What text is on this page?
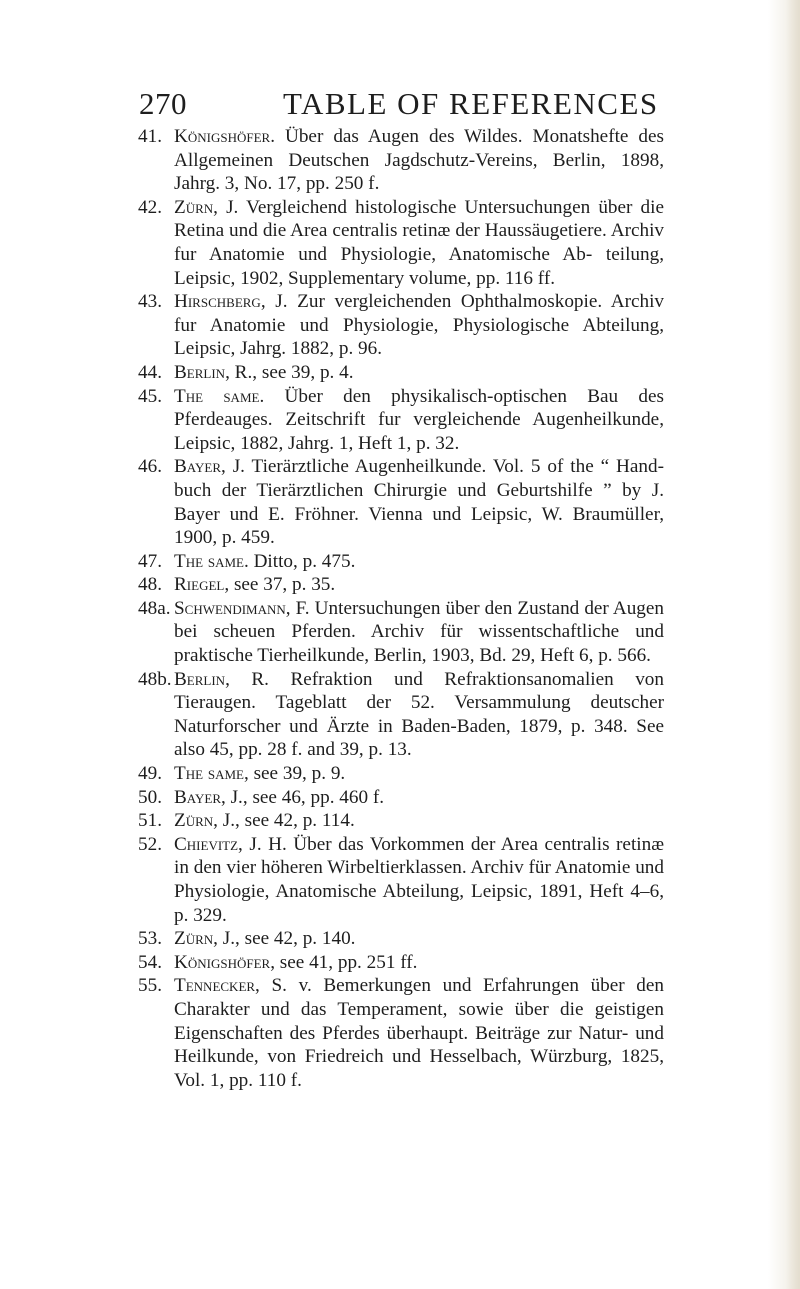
270	TABLE OF REFERENCES
41. Königshöfer. Über das Augen des Wildes. Monatshefte des Allgemeinen Deutschen Jagdschutz-Vereins, Berlin, 1898, Jahrg. 3, No. 17, pp. 250 f.
42. Zürn, J. Vergleichend histologische Untersuchungen über die Retina und die Area centralis retinæ der Haussäugetiere. Archiv fur Anatomie und Physiologie, Anatomische Ab- teilung, Leipsic, 1902, Supplementary volume, pp. 116 ff.
43. Hirschberg, J. Zur vergleichenden Ophthalmoskopie. Archiv fur Anatomie und Physiologie, Physiologische Abteilung, Leipsic, Jahrg. 1882, p. 96.
44. Berlin, R., see 39, p. 4.
45. The same. Über den physikalisch-optischen Bau des Pferdeauges. Zeitschrift fur vergleichende Augenheilkunde, Leipsic, 1882, Jahrg. 1, Heft 1, p. 32.
46. Bayer, J. Tierärztliche Augenheilkunde. Vol. 5 of the “ Hand- buch der Tierärztlichen Chirurgie und Geburtshilfe ” by J. Bayer und E. Fröhner. Vienna und Leipsic, W. Braumüller, 1900, p. 459.
47. The same. Ditto, p. 475.
48. Riegel, see 37, p. 35.
48a. Schwendimann, F. Untersuchungen über den Zustand der Augen bei scheuen Pferden. Archiv für wissentschaftliche und praktische Tierheilkunde, Berlin, 1903, Bd. 29, Heft 6, p. 566.
48b. Berlin, R. Refraktion und Refraktionsanomalien von Tieraugen. Tageblatt der 52. Versammulung deutscher Naturforscher und Ärzte in Baden-Baden, 1879, p. 348. See also 45, pp. 28 f. and 39, p. 13.
49. The same, see 39, p. 9.
50. Bayer, J., see 46, pp. 460 f.
51. Zürn, J., see 42, p. 114.
52. Chievitz, J. H. Über das Vorkommen der Area centralis retinæ in den vier höheren Wirbeltierklassen. Archiv für Anatomie und Physiologie, Anatomische Abteilung, Leipsic, 1891, Heft 4–6, p. 329.
53. Zürn, J., see 42, p. 140.
54. Königshöfer, see 41, pp. 251 ff.
55. Tennecker, S. v. Bemerkungen und Erfahrungen über den Charakter und das Temperament, sowie über die geistigen Eigenschaften des Pferdes überhaupt. Beiträge zur Natur- und Heilkunde, von Friedreich und Hesselbach, Würzburg, 1825, Vol. 1, pp. 110 f.
